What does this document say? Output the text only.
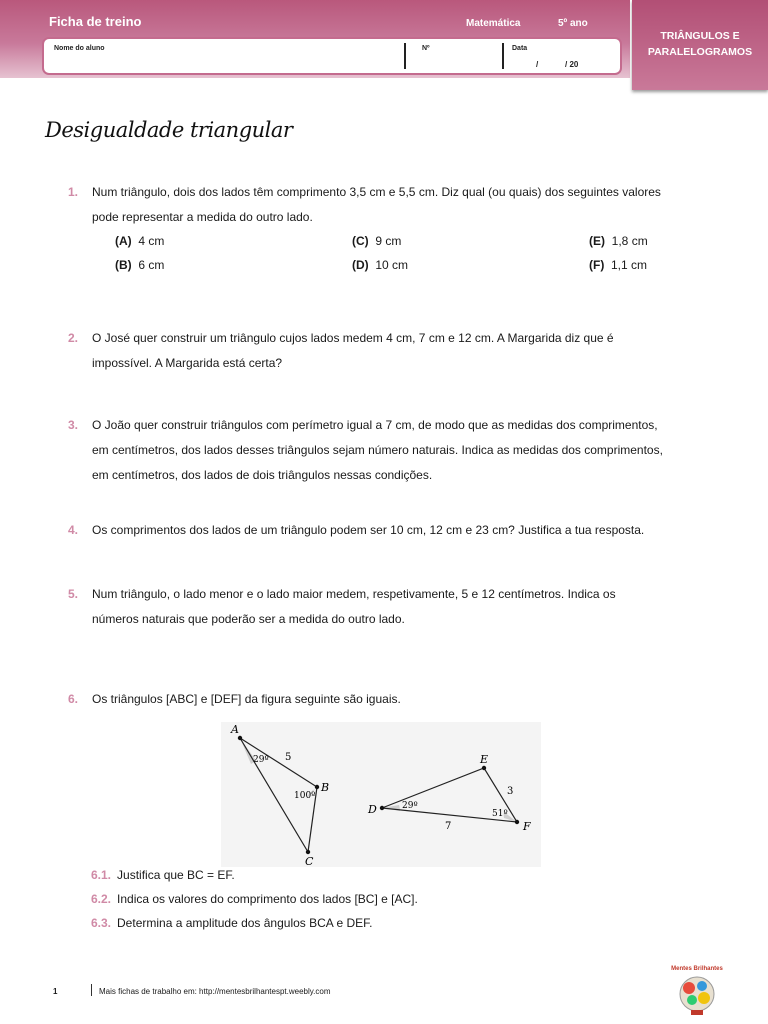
Ficha de treino	Matemática	5º ano
TRIÂNGULOS E
PARALELOGRAMOS
Nome do aluno	Nº	Data
/	/ 20
Desigualdade triangular
1. Num triângulo, dois dos lados têm comprimento 3,5 cm e 5,5 cm. Diz qual (ou quais) dos seguintes valores
pode representar a medida do outro lado.
(A) 4 cm
(B) 6 cm
(C) 9 cm
(D) 10 cm
(E) 1,8 cm
(F) 1,1 cm
2. O José quer construir um triângulo cujos lados medem 4 cm, 7 cm e 12 cm. A Margarida diz que é
impossível. A Margarida está certa?
3. O João quer construir triângulos com perímetro igual a 7 cm, de modo que as medidas dos comprimentos,
em centímetros, dos lados desses triângulos sejam número naturais. Indica as medidas dos comprimentos,
em centímetros, dos lados de dois triângulos nessas condições.
4. Os comprimentos dos lados de um triângulo podem ser 10 cm, 12 cm e 23 cm? Justifica a tua resposta.
5. Num triângulo, o lado menor e o lado maior medem, respetivamente, 5 e 12 centímetros. Indica os
números naturais que poderão ser a medida do outro lado.
6. Os triângulos [ABC] e [DEF] da figura seguinte são iguais.
A
B
C
29º 5
100º
D
E
F
29º
3
7
51º
6.1. Justifica que BC = EF.
6.2. Indica os valores do comprimento dos lados [BC] e [AC].
6.3. Determina a amplitude dos ângulos BCA e DEF.
1	Mais fichas de trabalho em: http://mentesbrilhantespt.weebly.com
Mentes Brilhantes
